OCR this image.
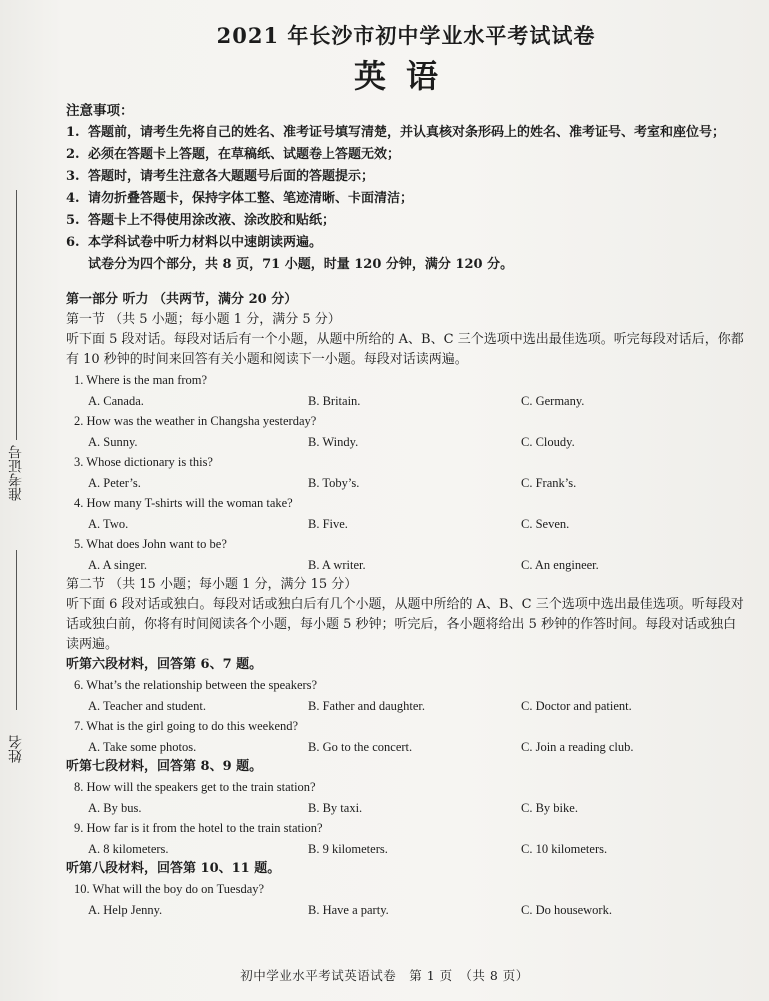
准考证号
姓名
2021 年长沙市初中学业水平考试试卷
英语
注意事项：
1. 答题前，请考生先将自己的姓名、准考证号填写清楚，并认真核对条形码上的姓名、准考证号、考室和座位号；
2. 必须在答题卡上答题，在草稿纸、试题卷上答题无效；
3. 答题时，请考生注意各大题题号后面的答题提示；
4. 请勿折叠答题卡，保持字体工整、笔迹清晰、卡面清洁；
5. 答题卡上不得使用涂改液、涂改胶和贴纸；
6. 本学科试卷中听力材料以中速朗读两遍。
试卷分为四个部分，共 8 页，71 小题，时量 120 分钟，满分 120 分。
第一部分 听力 （共两节，满分 20 分）
第一节 （共 5 小题；每小题 1 分，满分 5 分）
听下面 5 段对话。每段对话后有一个小题，从题中所给的 A、B、C 三个选项中选出最佳选项。听完每段对话后，你都有 10 秒钟的时间来回答有关小题和阅读下一小题。每段对话读两遍。
1. Where is the man from?
A. Canada.	B. Britain.	C. Germany.
2. How was the weather in Changsha yesterday?
A. Sunny.	B. Windy.	C. Cloudy.
3. Whose dictionary is this?
A. Peter’s.	B. Toby’s.	C. Frank’s.
4. How many T-shirts will the woman take?
A. Two.	B. Five.	C. Seven.
5. What does John want to be?
A. A singer.	B. A writer.	C. An engineer.
第二节 （共 15 小题；每小题 1 分，满分 15 分）
听下面 6 段对话或独白。每段对话或独白后有几个小题，从题中所给的 A、B、C 三个选项中选出最佳选项。听每段对话或独白前，你将有时间阅读各个小题，每小题 5 秒钟；听完后，各小题将给出 5 秒钟的作答时间。每段对话或独白读两遍。
听第六段材料，回答第 6、7 题。
6. What’s the relationship between the speakers?
A. Teacher and student.	B. Father and daughter.	C. Doctor and patient.
7. What is the girl going to do this weekend?
A. Take some photos.	B. Go to the concert.	C. Join a reading club.
听第七段材料，回答第 8、9 题。
8. How will the speakers get to the train station?
A. By bus.	B. By taxi.	C. By bike.
9. How far is it from the hotel to the train station?
A. 8 kilometers.	B. 9 kilometers.	C. 10 kilometers.
听第八段材料，回答第 10、11 题。
10. What will the boy do on Tuesday?
A. Help Jenny.	B. Have a party.	C. Do housework.
初中学业水平考试英语试卷　第 1 页　（共 8 页）
